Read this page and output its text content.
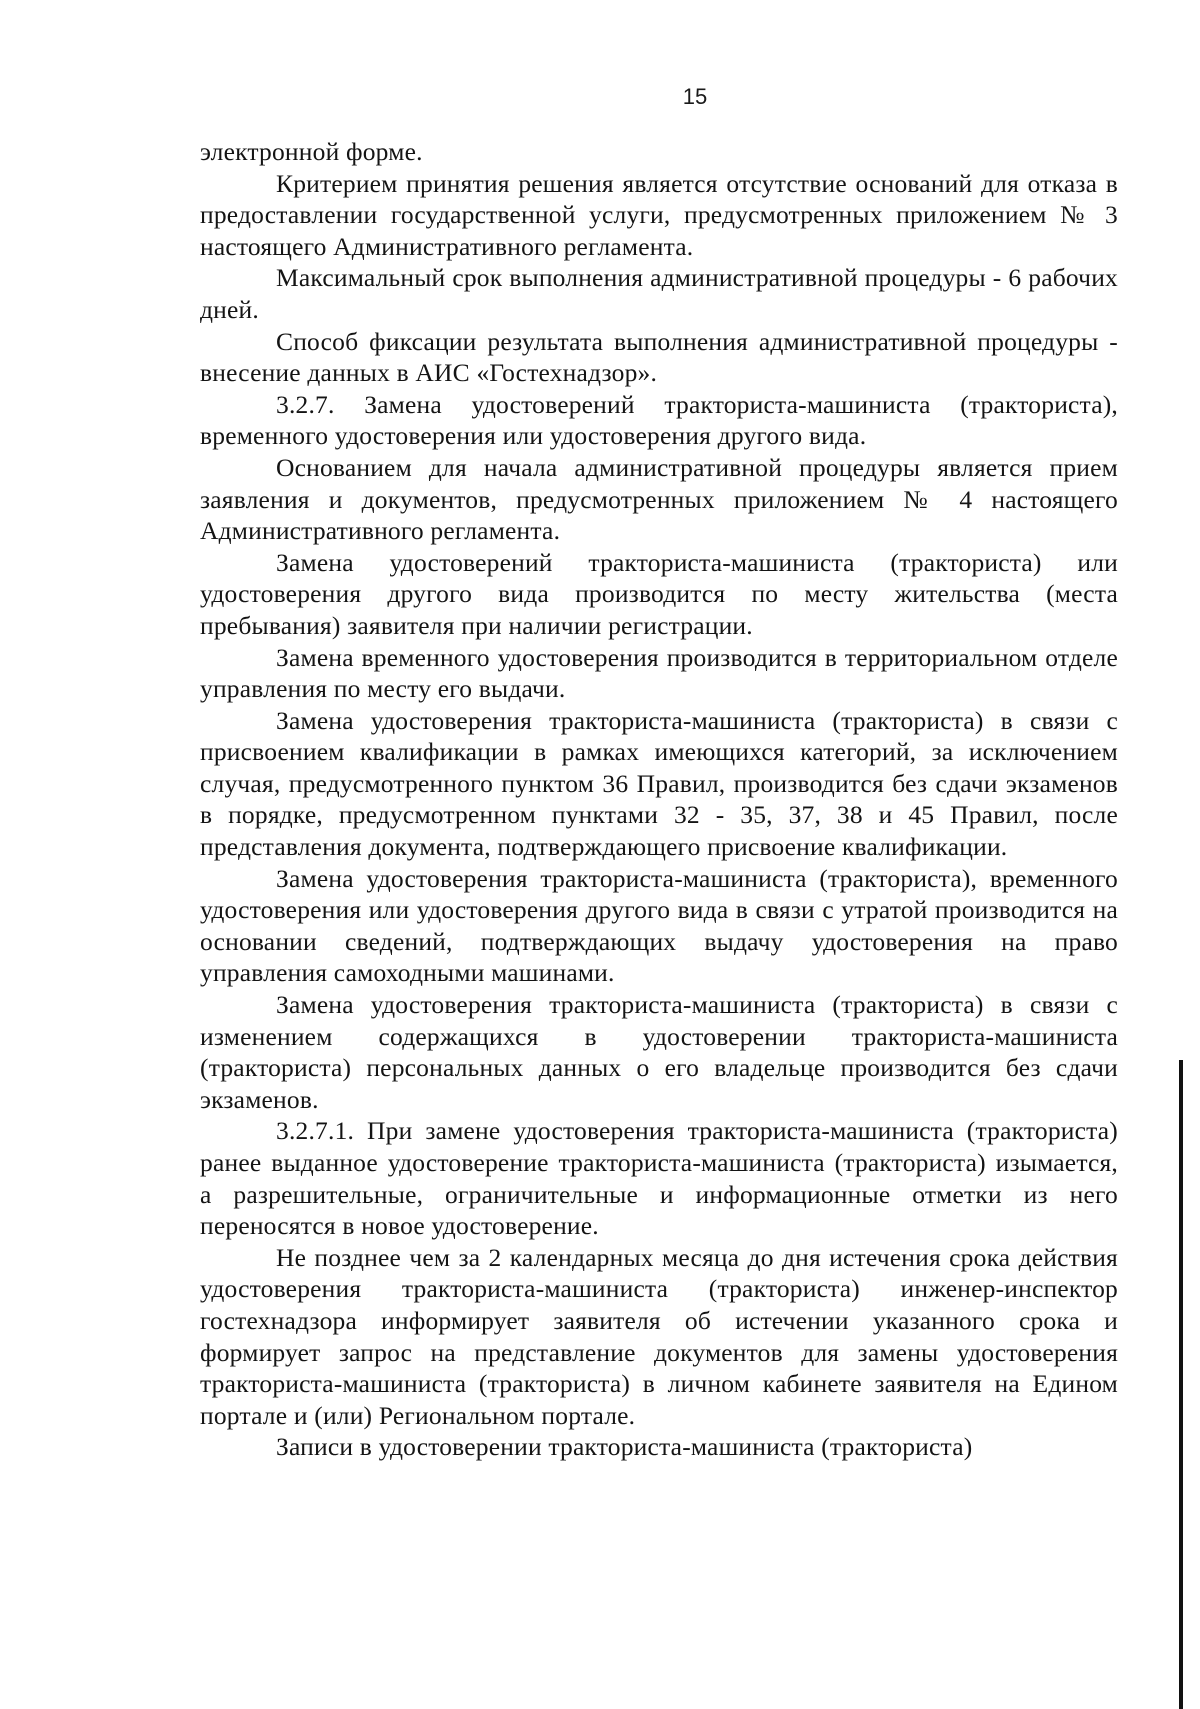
15

электронной форме.

Критерием принятия решения является отсутствие оснований для отказа в предоставлении государственной услуги, предусмотренных приложением № 3 настоящего Административного регламента.

Максимальный срок выполнения административной процедуры - 6 рабочих дней.

Способ фиксации результата выполнения административной процедуры - внесение данных в АИС «Гостехнадзор».

3.2.7. Замена удостоверений тракториста-машиниста (тракториста), временного удостоверения или удостоверения другого вида.

Основанием для начала административной процедуры является прием заявления и документов, предусмотренных приложением № 4 настоящего Административного регламента.

Замена удостоверений тракториста-машиниста (тракториста) или удостоверения другого вида производится по месту жительства (места пребывания) заявителя при наличии регистрации.

Замена временного удостоверения производится в территориальном отделе управления по месту его выдачи.

Замена удостоверения тракториста-машиниста (тракториста) в связи с присвоением квалификации в рамках имеющихся категорий, за исключением случая, предусмотренного пунктом 36 Правил, производится без сдачи экзаменов в порядке, предусмотренном пунктами 32 - 35, 37, 38 и 45 Правил, после представления документа, подтверждающего присвоение квалификации.

Замена удостоверения тракториста-машиниста (тракториста), временного удостоверения или удостоверения другого вида в связи с утратой производится на основании сведений, подтверждающих выдачу удостоверения на право управления самоходными машинами.

Замена удостоверения тракториста-машиниста (тракториста) в связи с изменением содержащихся в удостоверении тракториста-машиниста (тракториста) персональных данных о его владельце производится без сдачи экзаменов.

3.2.7.1. При замене удостоверения тракториста-машиниста (тракториста) ранее выданное удостоверение тракториста-машиниста (тракториста) изымается, а разрешительные, ограничительные и информационные отметки из него переносятся в новое удостоверение.

Не позднее чем за 2 календарных месяца до дня истечения срока действия удостоверения тракториста-машиниста (тракториста) инженер-инспектор гостехнадзора информирует заявителя об истечении указанного срока и формирует запрос на представление документов для замены удостоверения тракториста-машиниста (тракториста) в личном кабинете заявителя на Едином портале и (или) Региональном портале.

Записи в удостоверении тракториста-машиниста (тракториста)
